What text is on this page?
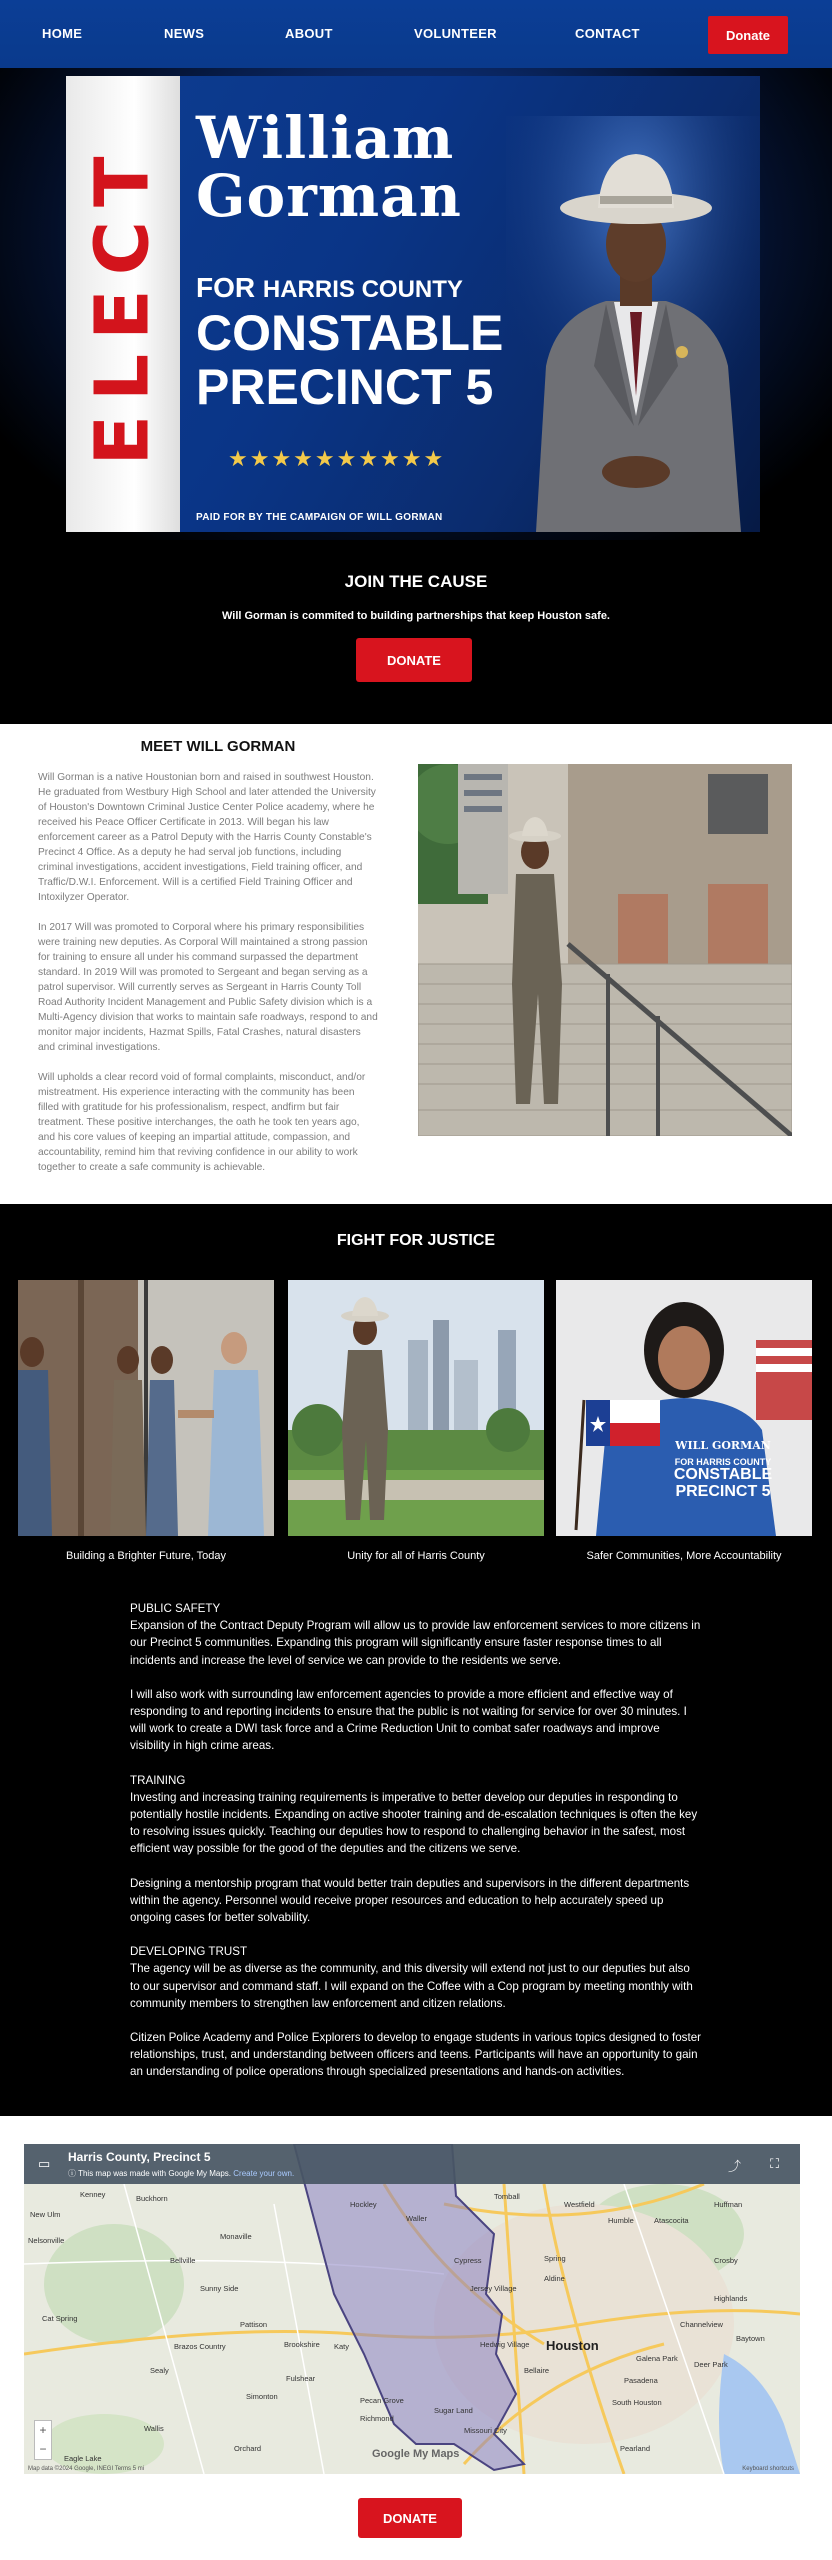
HOME	NEWS	ABOUT	VOLUNTEER	CONTACT	Donate
ELECT
William
Gorman
FOR HARRIS COUNTY
CONSTABLE
PRECINCT 5
★★★★★★★★★★
PAID FOR BY THE CAMPAIGN OF WILL GORMAN
JOIN THE CAUSE
Will Gorman is commited to building partnerships that keep Houston safe.
DONATE
MEET WILL GORMAN

Will Gorman is a native Houstonian born and raised in southwest Houston. He graduated from Westbury High School and later attended the University of Houston's Downtown Criminal Justice Center Police academy, where he received his Peace Officer Certificate in 2013. Will began his law enforcement career as a Patrol Deputy with the Harris County Constable's Precinct 4 Office. As a deputy he had serval job functions, including criminal investigations, accident investigations, Field training officer, and Traffic/D.W.I. Enforcement. Will is a certified Field Training Officer and Intoxilyzer Operator.

In 2017 Will was promoted to Corporal where his primary responsibilities were training new deputies. As Corporal Will maintained a strong passion for training to ensure all under his command surpassed the department standard. In 2019 Will was promoted to Sergeant and began serving as a patrol supervisor. Will currently serves as Sergeant in Harris County Toll Road Authority Incident Management and Public Safety division which is a Multi-Agency division that works to maintain safe roadways, respond to and monitor major incidents, Hazmat Spills, Fatal Crashes, natural disasters and criminal investigations.

Will upholds a clear record void of formal complaints, misconduct, and/or mistreatment. His experience interacting with the community has been filled with gratitude for his professionalism, respect, andfirm but fair treatment. These positive interchanges, the oath he took ten years ago, and his core values of keeping an impartial attitude, compassion, and accountability, remind him that reviving confidence in our ability to work together to create a safe community is achievable.

FIGHT FOR JUSTICE
Building a Brighter Future, Today	Unity for all of Harris County
WILL GORMAN
FOR HARRIS COUNTY
CONSTABLE
PRECINCT 5
Safer Communities, More Accountability

PUBLIC SAFETY

Expansion of the Contract Deputy Program will allow us to provide law enforcement services to more citizens in our Precinct 5 communities. Expanding this program will significantly ensure faster response times to all incidents and increase the level of service we can provide to the residents we serve.

I will also work with surrounding law enforcement agencies to provide a more efficient and effective way of responding to and reporting incidents to ensure that the public is not waiting for service for over 30 minutes. I will work to create a DWI task force and a Crime Reduction Unit to combat safer roadways and improve visibility in high crime areas.

TRAINING

Investing and increasing training requirements is imperative to better develop our deputies in responding to potentially hostile incidents. Expanding on active shooter training and de-escalation techniques is often the key to resolving issues quickly. Teaching our deputies how to respond to challenging behavior in the safest, most efficient way possible for the good of the deputies and the citizens we serve.

Designing a mentorship program that would better train deputies and supervisors in the different departments within the agency. Personnel would receive proper resources and education to help accurately speed up ongoing cases for better solvability.

DEVELOPING TRUST

The agency will be as diverse as the community, and this diversity will extend not just to our deputies but also to our supervisor and command staff. I will expand on the Coffee with a Cop program by meeting monthly with community members to strengthen law enforcement and citizen relations.

Citizen Police Academy and Police Explorers to develop to engage students in various topics designed to foster relationships, trust, and understanding between officers and teens. Participants will have an opportunity to gain an understanding of police operations through specialized presentations and hands-on activities.

▭ Harris County, Precinct 5
ⓘ This map was made with Google My Maps. Create your own.	⤴ ⛶
Kenney	Buckhorn
Hockley
Tomball
Westfield
Humble	Atascocita
Huffman
New Ulm
Monaville
Waller
Cypress	Spring
Nelsonville
Bellville
Sunny Side
Cat Spring
Pattison
Brookshire Katy
Sealy
Brazos Country
Fulshear
Simonton
Richmond
Sugar Land
Missouri City
Pearland
Pasadena
Baytown
Crosby
Channelview
Deer Park
Eagle Lake
Wallis
Pecan Grove
Aldine
Jersey Village
Bellaire
Hedwig Village
Galena Park
South Houston
Orchard
Highlands
Houston
+
−	Google My Maps
Map data ©2024 Google, INEGI Terms 5 mi	Keyboard shortcuts
DONATE
